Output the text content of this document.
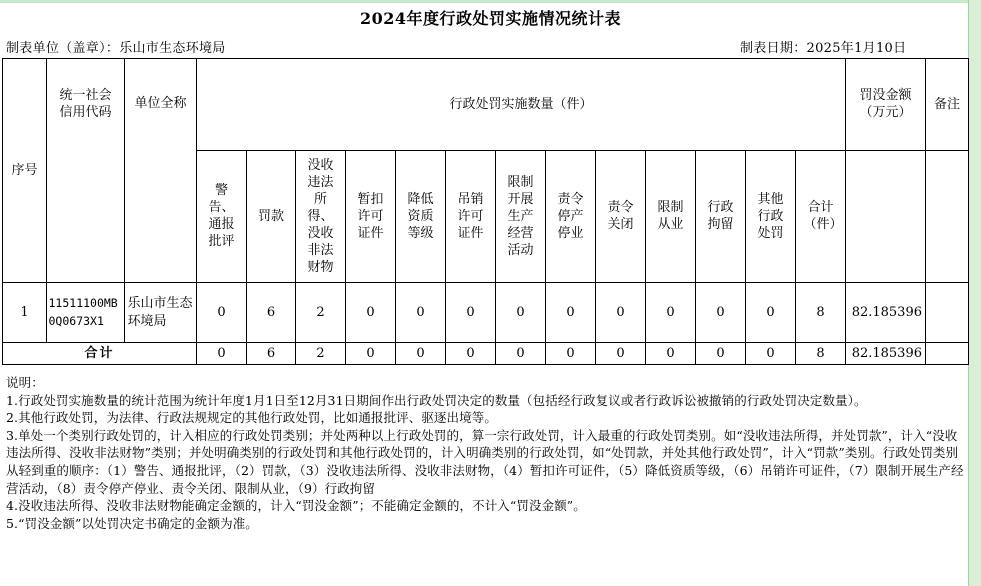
2024年度行政处罚实施情况统计表
制表单位（盖章）：乐山市生态环境局	制表日期：2025年1月10日
序号	统一社会信用代码	单位全称	行政处罚实施数量（件）													罚没金额（万元）	备注
			警告、通报批评	罚款	没收违法所得、没收非法财物	暂扣许可证件	降低资质等级	吊销许可证件	限制开展生产经营活动	责令停产停业	责令关闭	限制从业	行政拘留	其他行政处罚	合计（件）		
1	11511100MB0Q0673X1	乐山市生态环境局	0	6	2	0	0	0	0	0	0	0	0	0	8	82.185396	
合计			0	6	2	0	0	0	0	0	0	0	0	0	8	82.185396	

说明：

1.行政处罚实施数量的统计范围为统计年度1月1日至12月31日期间作出行政处罚决定的数量（包括经行政复议或者行政诉讼被撤销的行政处罚决定数量）。

2.其他行政处罚，为法律、行政法规规定的其他行政处罚，比如通报批评、驱逐出境等。

3.单处一个类别行政处罚的，计入相应的行政处罚类别；并处两种以上行政处罚的，算一宗行政处罚，计入最重的行政处罚类别。如“没收违法所得，并处罚款”，计入“没收违法所得、没收非法财物”类别；并处明确类别的行政处罚和其他行政处罚的，计入明确类别的行政处罚，如“处罚款，并处其他行政处罚”，计入“罚款”类别。行政处罚类别从轻到重的顺序：（1）警告、通报批评，（2）罚款，（3）没收违法所得、没收非法财物，（4）暂扣许可证件，（5）降低资质等级，（6）吊销许可证件，（7）限制开展生产经营活动，（8）责令停产停业、责令关闭、限制从业，（9）行政拘留

4.没收违法所得、没收非法财物能确定金额的，计入“罚没金额”；不能确定金额的，不计入“罚没金额”。

5.“罚没金额”以处罚决定书确定的金额为准。
